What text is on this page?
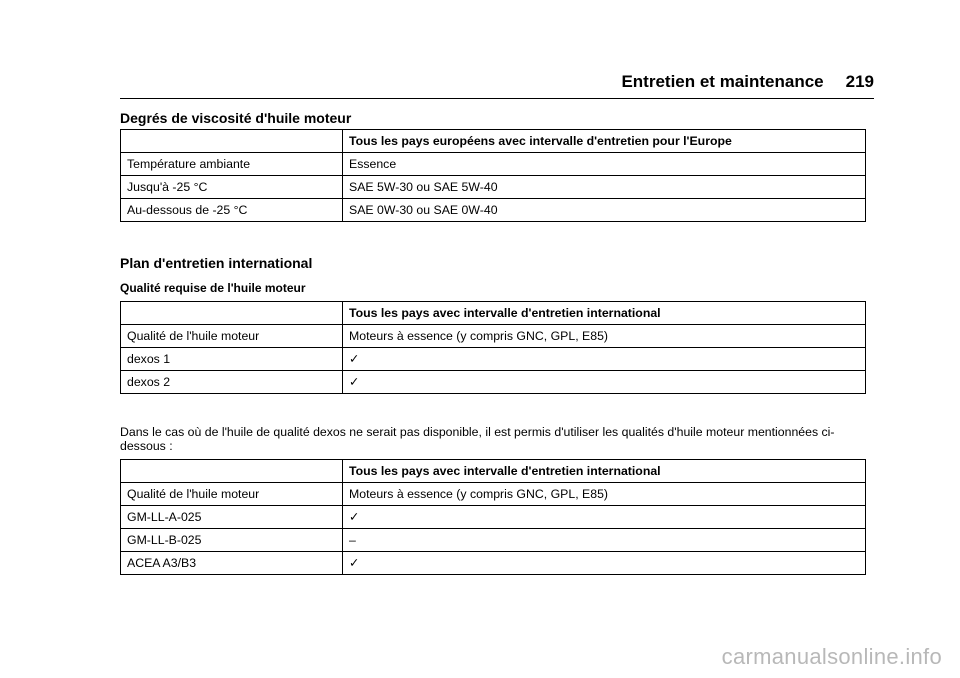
Entretien et maintenance 219
Degrés de viscosité d'huile moteur
	Tous les pays européens avec intervalle d'entretien pour l'Europe
Température ambiante	Essence
Jusqu'à -25 °C	SAE 5W-30 ou SAE 5W-40
Au-dessous de -25 °C	SAE 0W-30 ou SAE 0W-40
Plan d'entretien international
Qualité requise de l'huile moteur
	Tous les pays avec intervalle d'entretien international
Qualité de l'huile moteur	Moteurs à essence (y compris GNC, GPL, E85)
dexos 1	✓
dexos 2	✓
Dans le cas où de l'huile de qualité dexos ne serait pas disponible, il est permis d'utiliser les qualités d'huile moteur mentionnées ci-dessous :
	Tous les pays avec intervalle d'entretien international
Qualité de l'huile moteur	Moteurs à essence (y compris GNC, GPL, E85)
GM-LL-A-025	✓
GM-LL-B-025	–
ACEA A3/B3	✓
carmanualsonline.info
